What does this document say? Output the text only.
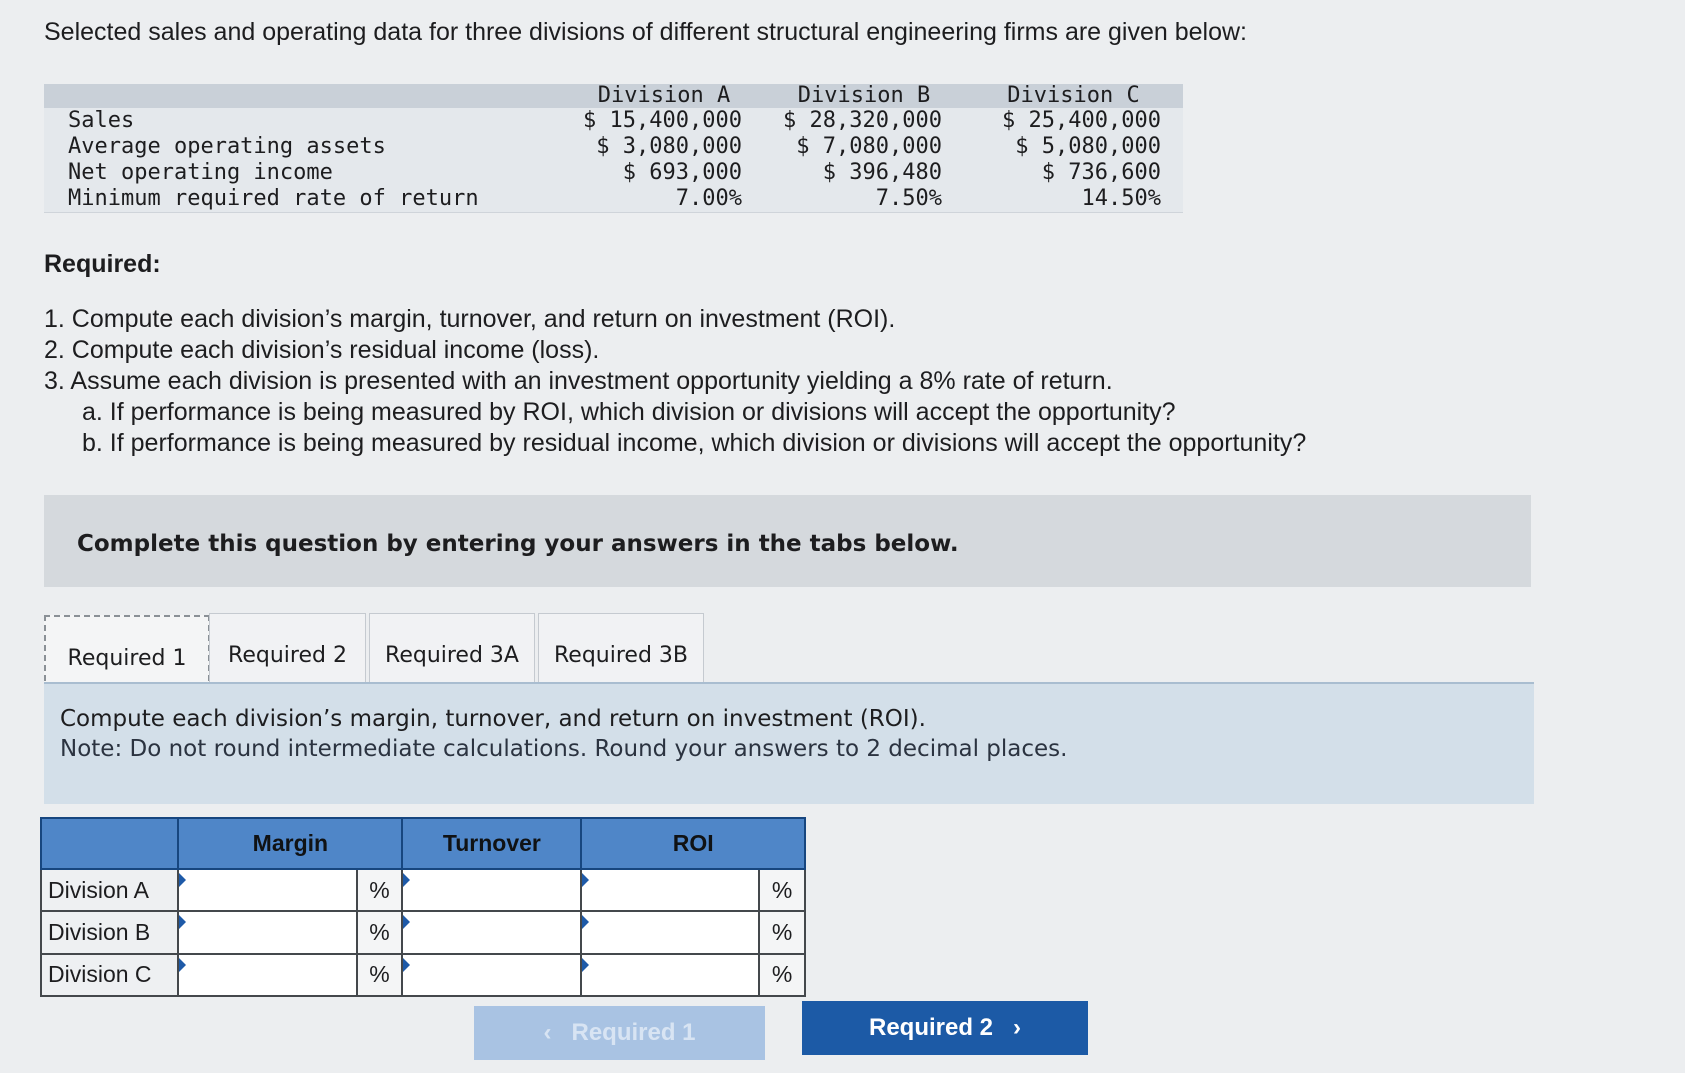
Selected sales and operating data for three divisions of different structural engineering firms are given below:
	Division A	Division B	Division C
Sales	$ 15,400,000	$ 28,320,000	$ 25,400,000
Average operating assets	$ 3,080,000	$ 7,080,000	$ 5,080,000
Net operating income	$ 693,000	$ 396,480	$ 736,600
Minimum required rate of return	7.00%	7.50%	14.50%
Required:
1. Compute each division’s margin, turnover, and return on investment (ROI).
2. Compute each division’s residual income (loss).
3. Assume each division is presented with an investment opportunity yielding a 8% rate of return.
a. If performance is being measured by ROI, which division or divisions will accept the opportunity?
b. If performance is being measured by residual income, which division or divisions will accept the opportunity?
Complete this question by entering your answers in the tabs below.
Required 1	Required 2	Required 3A	Required 3B
Compute each division’s margin, turnover, and return on investment (ROI).
Note: Do not round intermediate calculations. Round your answers to 2 decimal places.
	Margin		Turnover	ROI	
Division A		%			%
Division B		%			%
Division C		%			%
‹ Required 1	Required 2 ›
